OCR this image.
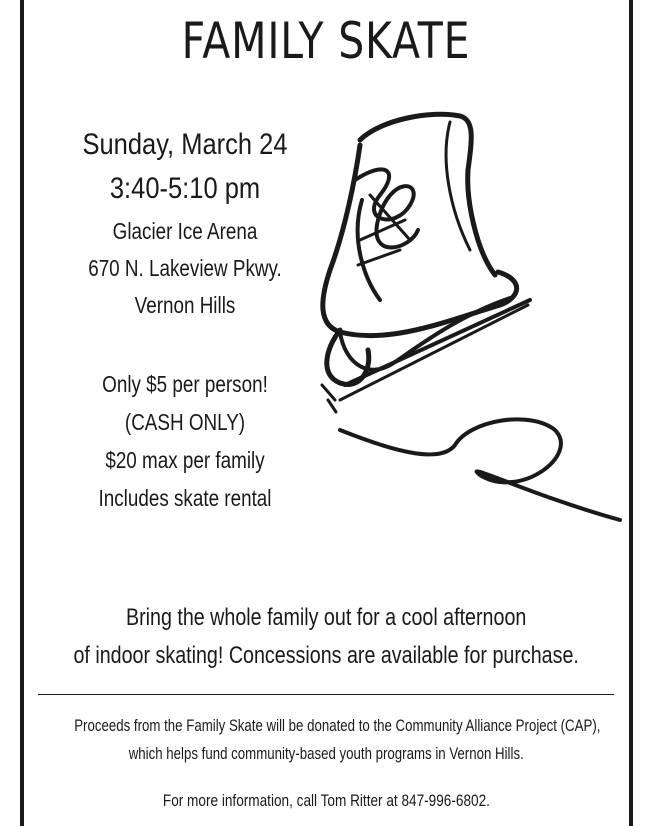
FAMILY SKATE
Sunday, March 24
3:40-5:10 pm
Glacier Ice Arena
670 N. Lakeview Pkwy.
Vernon Hills
Only $5 per person!
(CASH ONLY)
$20 max per family
Includes skate rental
Bring the whole family out for a cool afternoon
of indoor skating! Concessions are available for purchase.
Proceeds from the Family Skate will be donated to the Community Alliance Project (CAP),
which helps fund community-based youth programs in Vernon Hills.
For more information, call Tom Ritter at 847-996-6802.
